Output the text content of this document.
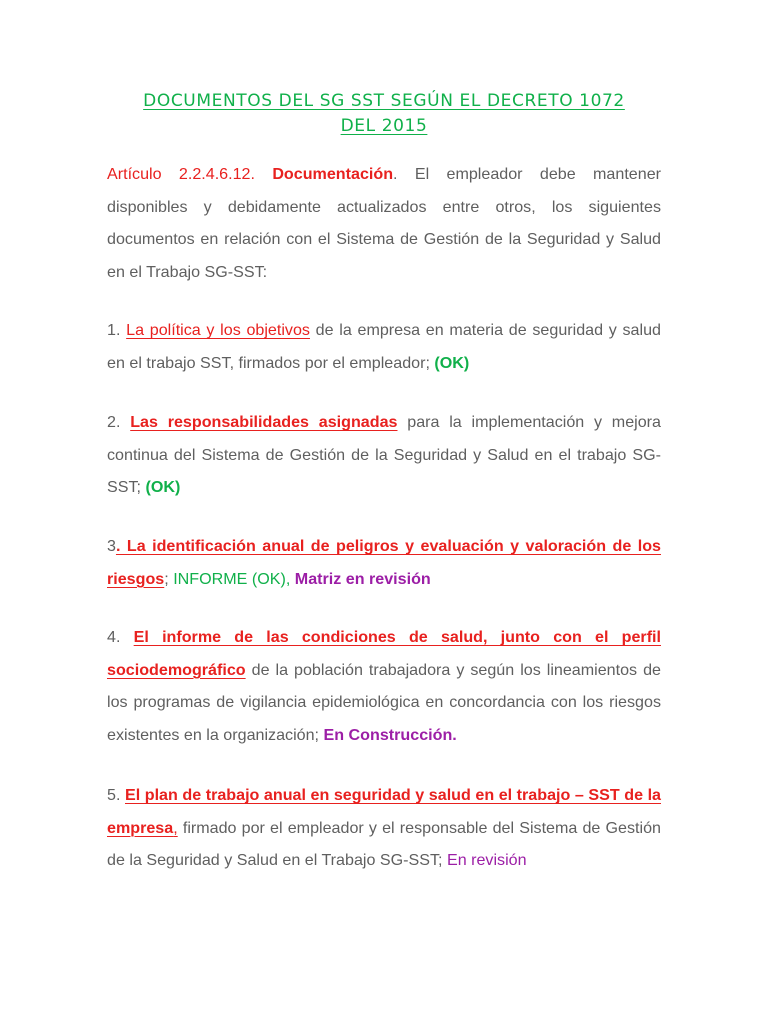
DOCUMENTOS DEL SG SST SEGÚN EL DECRETO 1072
DEL 2015

Artículo 2.2.4.6.12. Documentación. El empleador debe mantener disponibles y debidamente actualizados entre otros, los siguientes documentos en relación con el Sistema de Gestión de la Seguridad y Salud en el Trabajo SG-SST:

1. La política y los objetivos de la empresa en materia de seguridad y salud en el trabajo SST, firmados por el empleador; (OK)

2. Las responsabilidades asignadas para la implementación y mejora continua del Sistema de Gestión de la Seguridad y Salud en el trabajo SG-SST; (OK)

3. La identificación anual de peligros y evaluación y valoración de los riesgos; INFORME (OK), Matriz en revisión

4. El informe de las condiciones de salud, junto con el perfil sociodemográfico de la población trabajadora y según los lineamientos de los programas de vigilancia epidemiológica en concordancia con los riesgos existentes en la organización; En Construcción.

5. El plan de trabajo anual en seguridad y salud en el trabajo – SST de la empresa, firmado por el empleador y el responsable del Sistema de Gestión de la Seguridad y Salud en el Trabajo SG-SST; En revisión
